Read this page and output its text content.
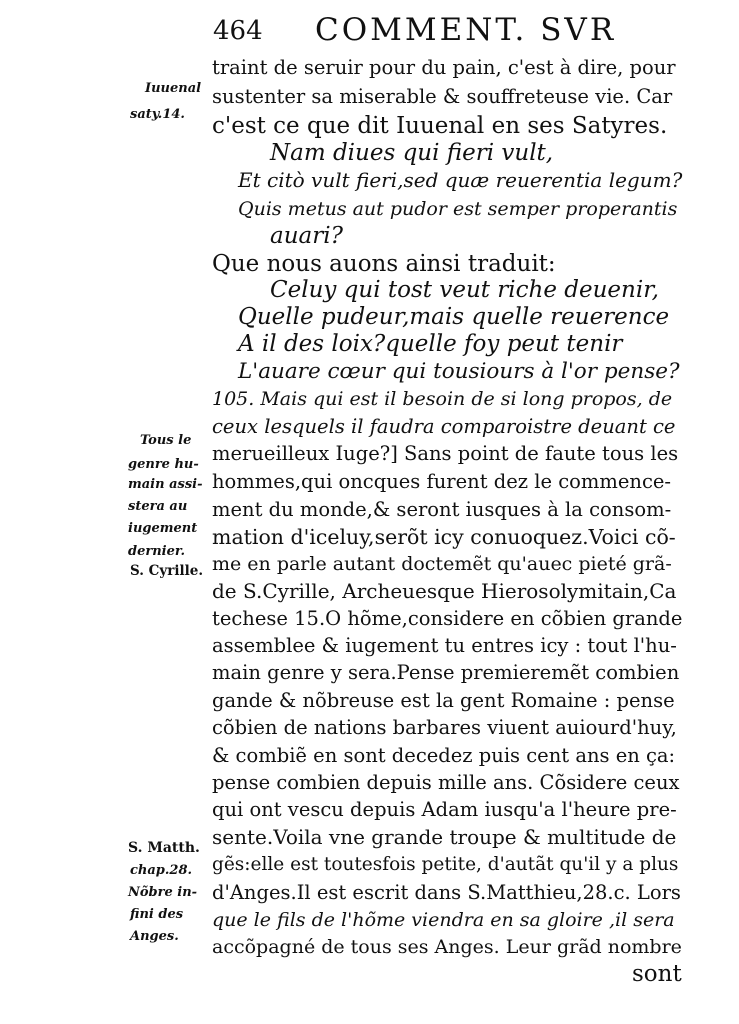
464 COMMENT. SVR
traint de seruir pour du pain, c'est à dire, pour
sustenter sa miserable & souffreteuse vie. Car
c'est ce que dit Iuuenal en ses Satyres.
Nam diues qui fieri vult,
Et citò vult fieri,sed quæ reuerentia legum?
Quis metus aut pudor est semper properantis
auari?
Que nous auons ainsi traduit:
Celuy qui tost veut riche deuenir,
Quelle pudeur,mais quelle reuerence
A il des loix?quelle foy peut tenir
L'auare cœur qui tousiours à l'or pense?
105. Mais qui est il besoin de si long propos, de
ceux lesquels il faudra comparoistre deuant ce
merueilleux Iuge?] Sans point de faute tous les
hommes,qui oncques furent dez le commence-
ment du monde,& seront iusques à la consom-
mation d'iceluy,serõt icy conuoquez.Voici cõ-
me en parle autant doctemẽt qu'auec pieté grã-
de S.Cyrille, Archeuesque Hierosolymitain,Ca
techese 15.O hõme,considere en cõbien grande
assemblee & iugement tu entres icy : tout l'hu-
main genre y sera.Pense premieremẽt combien
gande & nõbreuse est la gent Romaine : pense
cõbien de nations barbares viuent auiourd'huy,
& combiẽ en sont decedez puis cent ans en ça:
pense combien depuis mille ans. Cõsidere ceux
qui ont vescu depuis Adam iusqu'a l'heure pre-
sente.Voila vne grande troupe & multitude de
gẽs:elle est toutesfois petite, d'autãt qu'il y a plus
d'Anges.Il est escrit dans S.Matthieu,28.c. Lors
que le fils de l'hõme viendra en sa gloire ,il sera
accõpagné de tous ses Anges. Leur grãd nombre
sont
Iuuenal
saty.14.
Tous le
genre hu-
main assi-
stera au
iugement
dernier.
S. Cyrille.
S. Matth.
chap.28.
Nõbre in-
fini des
Anges.
